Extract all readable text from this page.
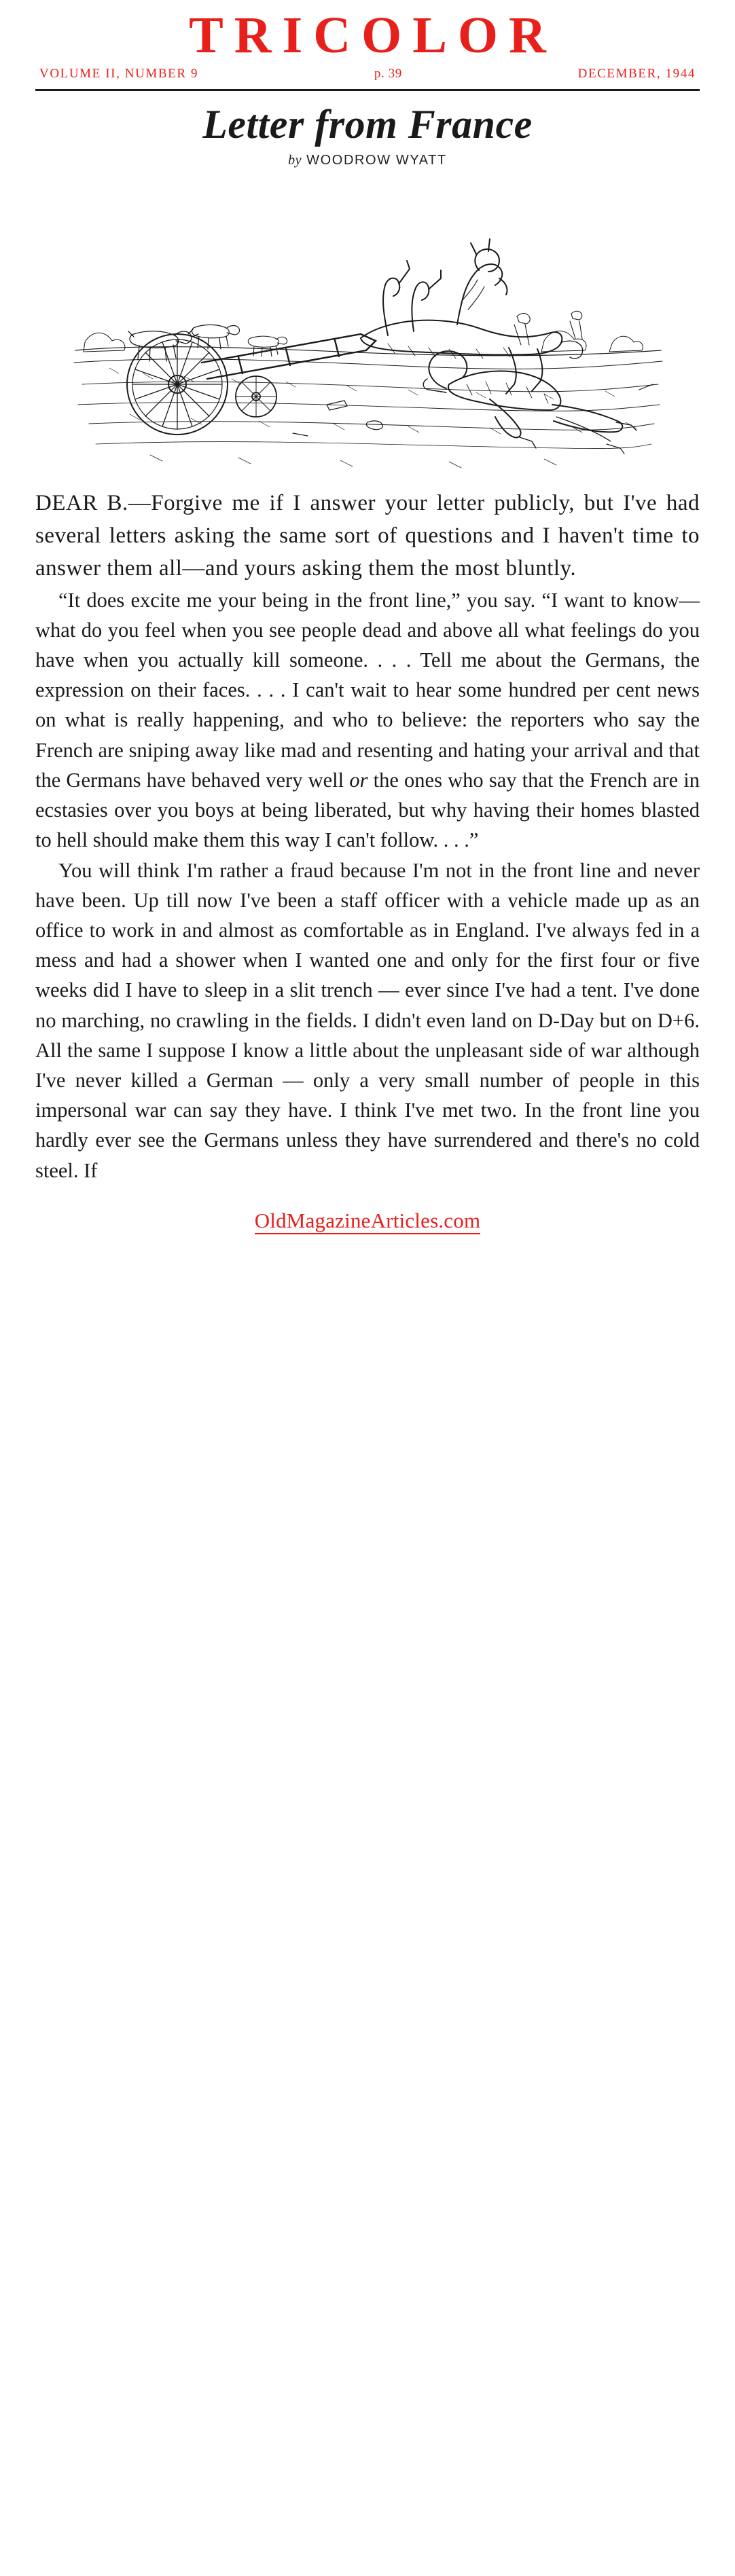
TRICOLOR
VOLUME II, NUMBER 9	p. 39	DECEMBER, 1944
Letter from France
by WOODROW WYATT

DEAR B.—Forgive me if I answer your letter publicly, but I've had several letters asking the same sort of questions and I haven't time to answer them all—and yours asking them the most bluntly.

“It does excite me your being in the front line,” you say. “I want to know—what do you feel when you see people dead and above all what feelings do you have when you actually kill someone. . . . Tell me about the Germans, the expression on their faces. . . . I can't wait to hear some hundred per cent news on what is really happening, and who to believe: the reporters who say the French are sniping away like mad and resenting and hating your arrival and that the Germans have behaved very well or the ones who say that the French are in ecstasies over you boys at being liberated, but why having their homes blasted to hell should make them this way I can't follow. . . .”

You will think I'm rather a fraud because I'm not in the front line and never have been. Up till now I've been a staff officer with a vehicle made up as an office to work in and almost as comfortable as in England. I've always fed in a mess and had a shower when I wanted one and only for the first four or five weeks did I have to sleep in a slit trench — ever since I've had a tent. I've done no marching, no crawling in the fields. I didn't even land on D-Day but on D+6. All the same I suppose I know a little about the unpleasant side of war although I've never killed a German — only a very small number of people in this impersonal war can say they have. I think I've met two. In the front line you hardly ever see the Germans unless they have surrendered and there's no cold steel. If

OldMagazineArticles.com
